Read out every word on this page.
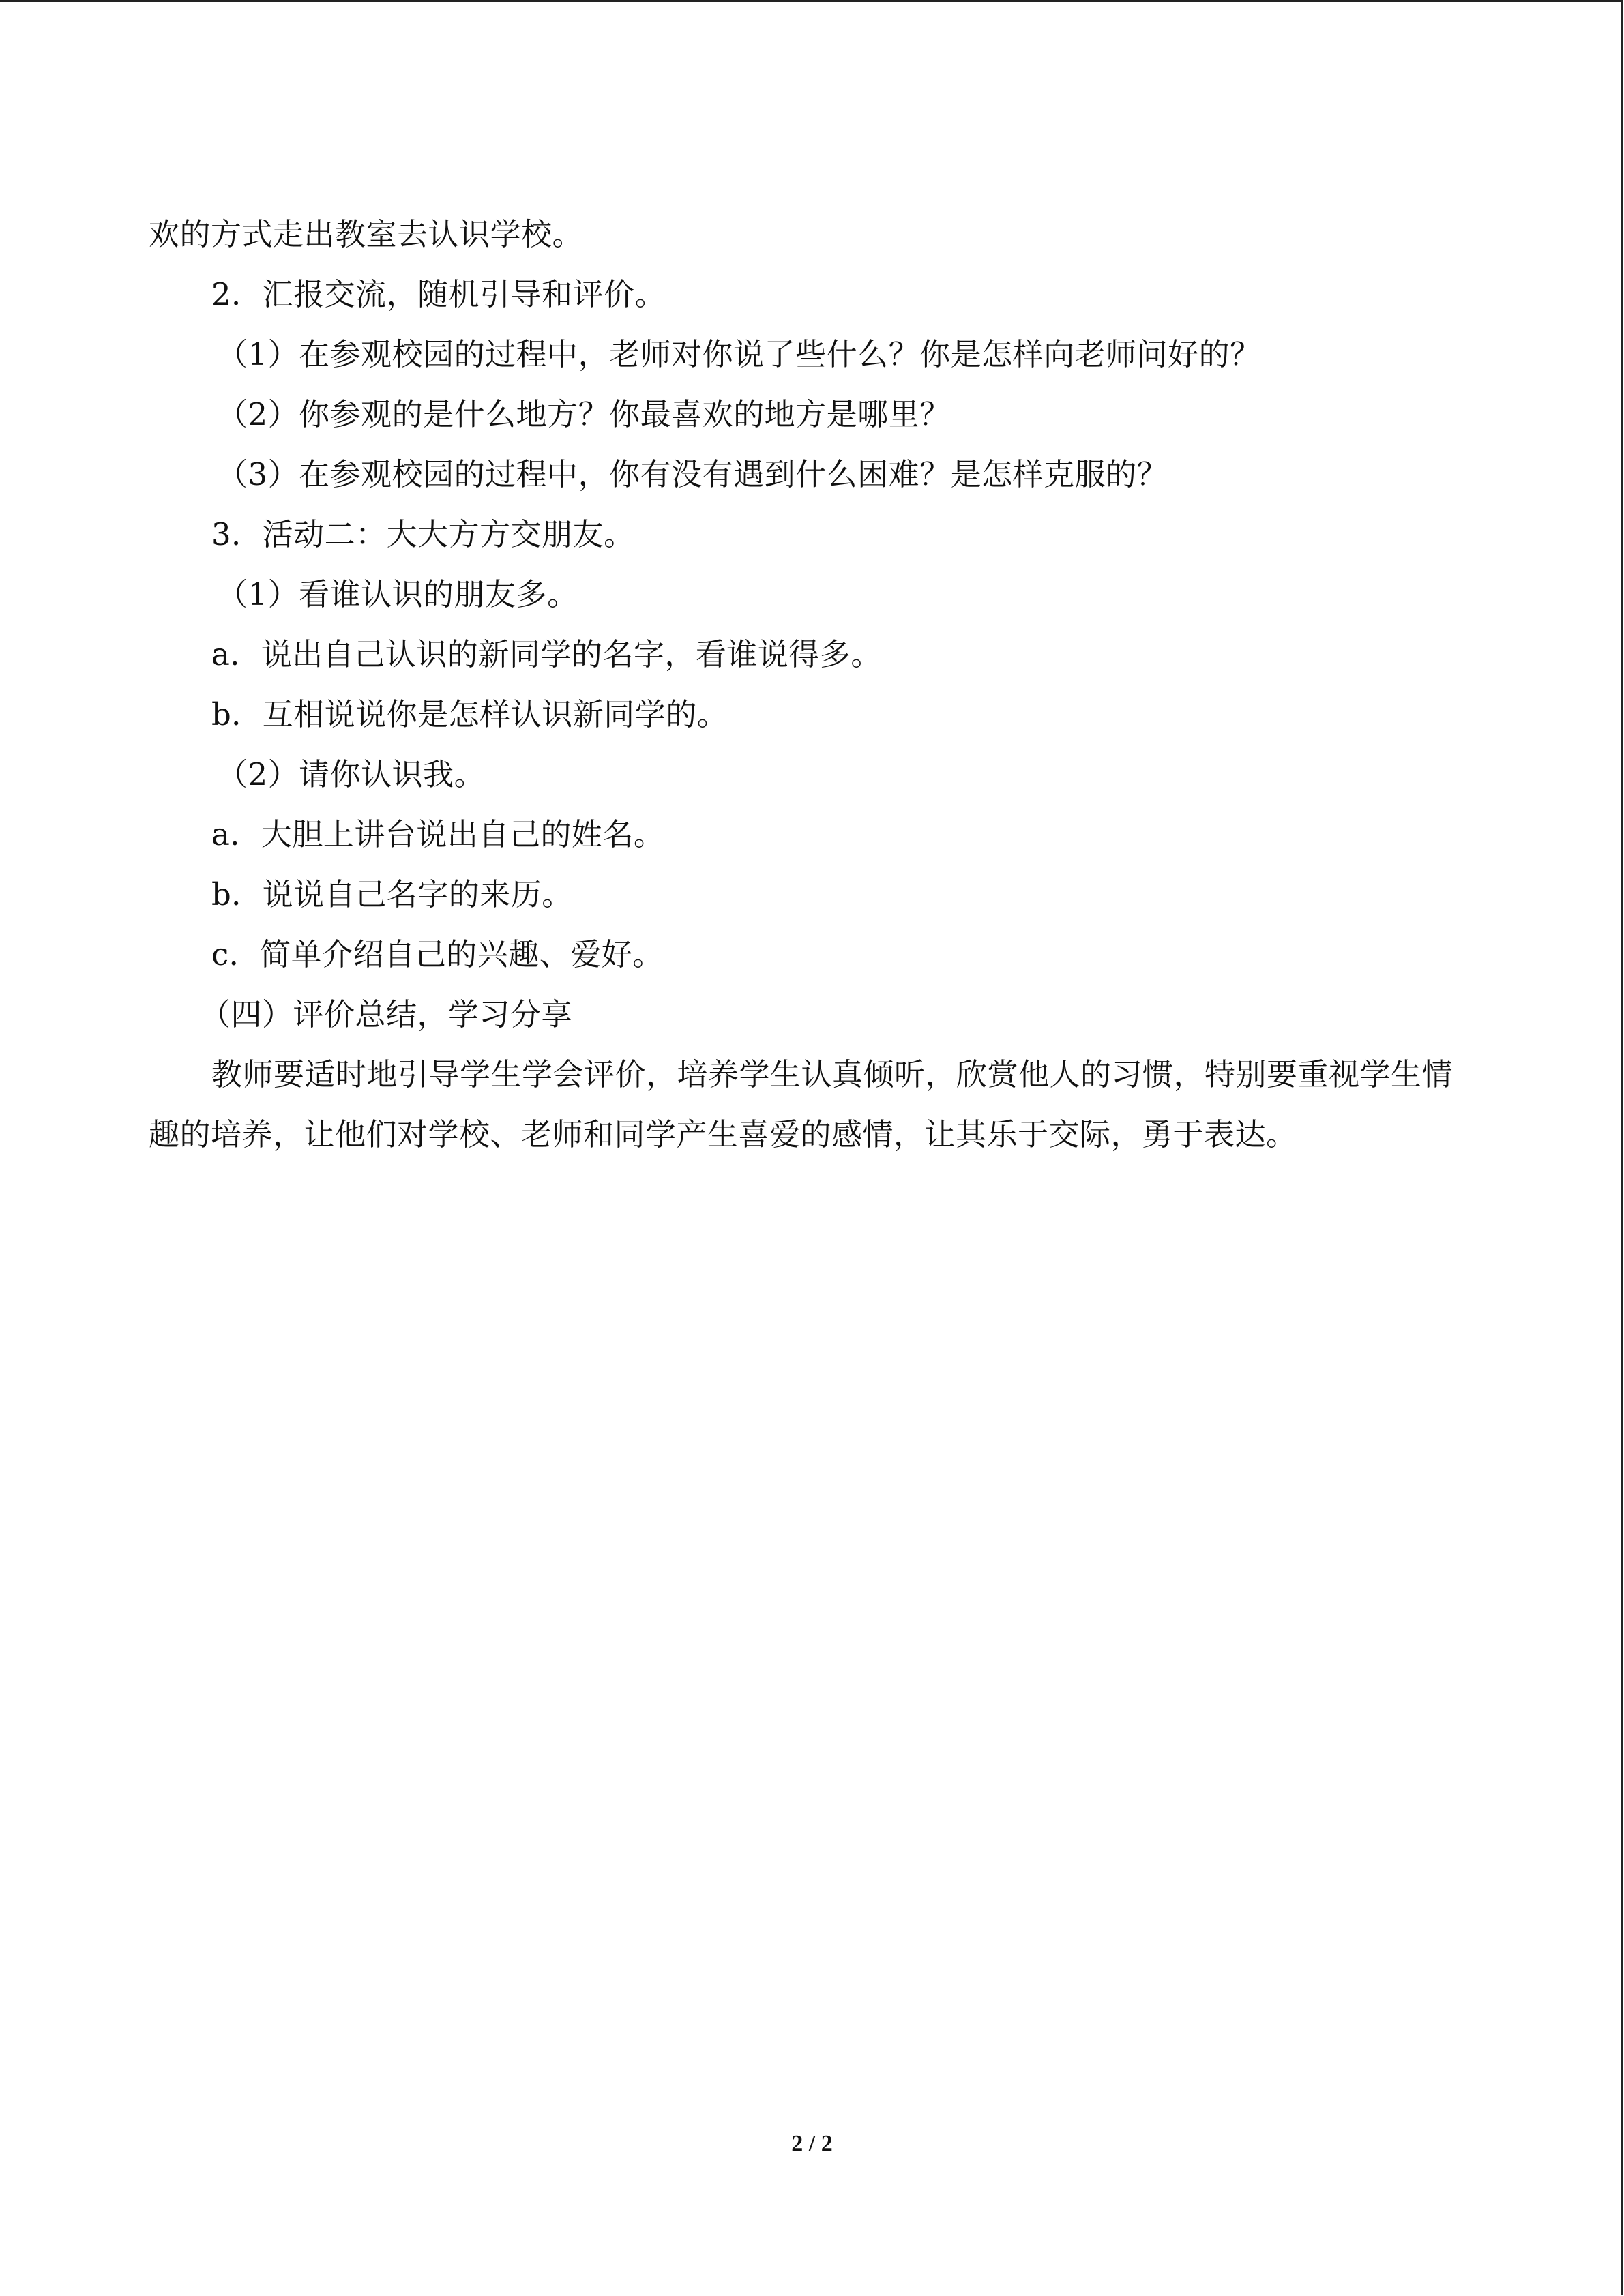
欢的方式走出教室去认识学校。
2．汇报交流，随机引导和评价。
（1）在参观校园的过程中，老师对你说了些什么？你是怎样向老师问好的？
（2）你参观的是什么地方？你最喜欢的地方是哪里？
（3）在参观校园的过程中，你有没有遇到什么困难？是怎样克服的？
3．活动二：大大方方交朋友。
（1）看谁认识的朋友多。
a．说出自己认识的新同学的名字，看谁说得多。
b．互相说说你是怎样认识新同学的。
（2）请你认识我。
a．大胆上讲台说出自己的姓名。
b．说说自己名字的来历。
c．简单介绍自己的兴趣、爱好。
（四）评价总结，学习分享

教师要适时地引导学生学会评价，培养学生认真倾听，欣赏他人的习惯，特别要重视学生情趣的培养，让他们对学校、老师和同学产生喜爱的感情，让其乐于交际，勇于表达。

2 / 2
